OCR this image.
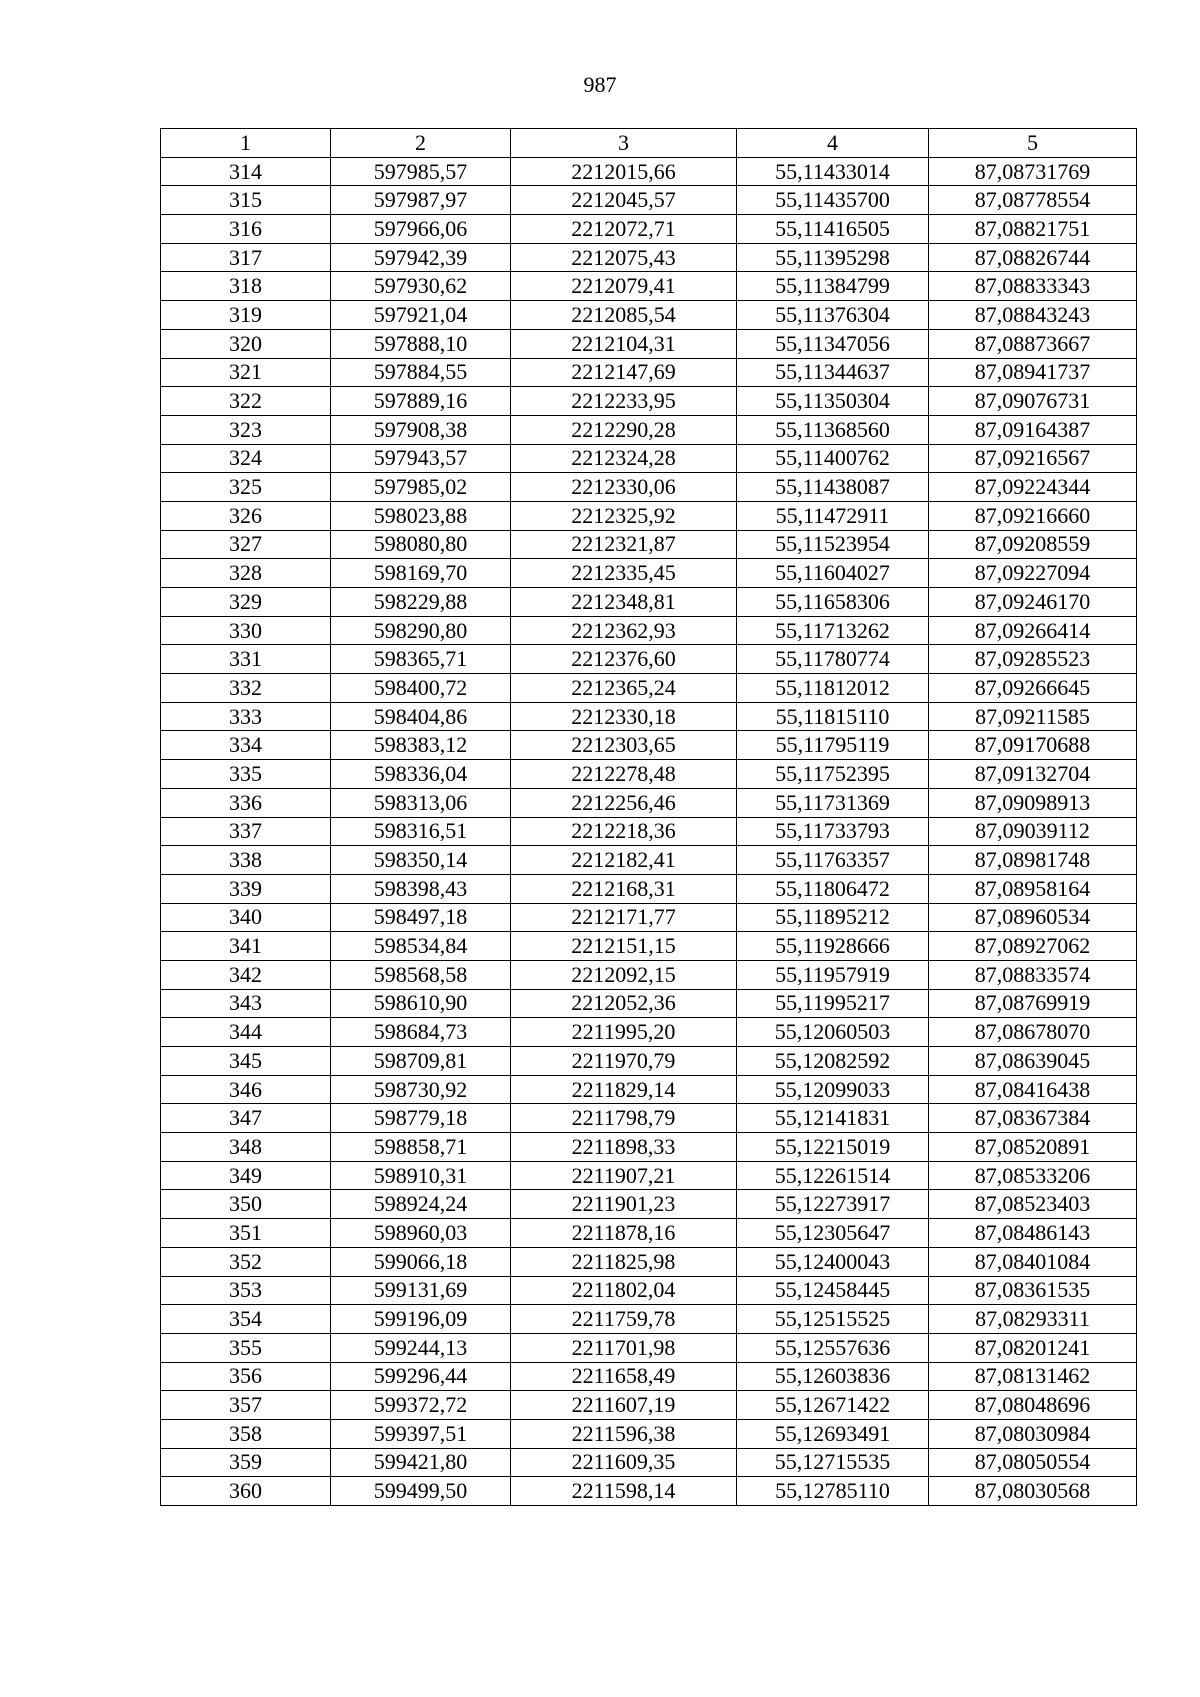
987
1	2	3	4	5
314	597985,57	2212015,66	55,11433014	87,08731769
315	597987,97	2212045,57	55,11435700	87,08778554
316	597966,06	2212072,71	55,11416505	87,08821751
317	597942,39	2212075,43	55,11395298	87,08826744
318	597930,62	2212079,41	55,11384799	87,08833343
319	597921,04	2212085,54	55,11376304	87,08843243
320	597888,10	2212104,31	55,11347056	87,08873667
321	597884,55	2212147,69	55,11344637	87,08941737
322	597889,16	2212233,95	55,11350304	87,09076731
323	597908,38	2212290,28	55,11368560	87,09164387
324	597943,57	2212324,28	55,11400762	87,09216567
325	597985,02	2212330,06	55,11438087	87,09224344
326	598023,88	2212325,92	55,11472911	87,09216660
327	598080,80	2212321,87	55,11523954	87,09208559
328	598169,70	2212335,45	55,11604027	87,09227094
329	598229,88	2212348,81	55,11658306	87,09246170
330	598290,80	2212362,93	55,11713262	87,09266414
331	598365,71	2212376,60	55,11780774	87,09285523
332	598400,72	2212365,24	55,11812012	87,09266645
333	598404,86	2212330,18	55,11815110	87,09211585
334	598383,12	2212303,65	55,11795119	87,09170688
335	598336,04	2212278,48	55,11752395	87,09132704
336	598313,06	2212256,46	55,11731369	87,09098913
337	598316,51	2212218,36	55,11733793	87,09039112
338	598350,14	2212182,41	55,11763357	87,08981748
339	598398,43	2212168,31	55,11806472	87,08958164
340	598497,18	2212171,77	55,11895212	87,08960534
341	598534,84	2212151,15	55,11928666	87,08927062
342	598568,58	2212092,15	55,11957919	87,08833574
343	598610,90	2212052,36	55,11995217	87,08769919
344	598684,73	2211995,20	55,12060503	87,08678070
345	598709,81	2211970,79	55,12082592	87,08639045
346	598730,92	2211829,14	55,12099033	87,08416438
347	598779,18	2211798,79	55,12141831	87,08367384
348	598858,71	2211898,33	55,12215019	87,08520891
349	598910,31	2211907,21	55,12261514	87,08533206
350	598924,24	2211901,23	55,12273917	87,08523403
351	598960,03	2211878,16	55,12305647	87,08486143
352	599066,18	2211825,98	55,12400043	87,08401084
353	599131,69	2211802,04	55,12458445	87,08361535
354	599196,09	2211759,78	55,12515525	87,08293311
355	599244,13	2211701,98	55,12557636	87,08201241
356	599296,44	2211658,49	55,12603836	87,08131462
357	599372,72	2211607,19	55,12671422	87,08048696
358	599397,51	2211596,38	55,12693491	87,08030984
359	599421,80	2211609,35	55,12715535	87,08050554
360	599499,50	2211598,14	55,12785110	87,08030568
